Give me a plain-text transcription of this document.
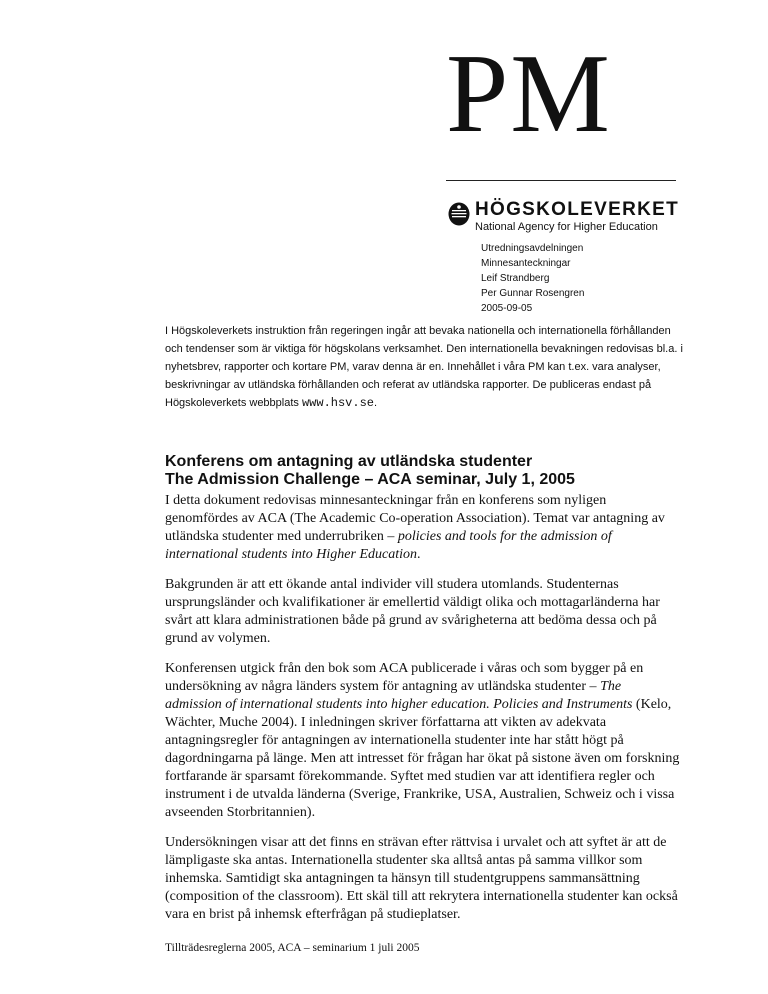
PM
HÖGSKOLEVERKET
National Agency for Higher Education
Utredningsavdelningen
Minnesanteckningar
Leif Strandberg
Per Gunnar Rosengren
2005-09-05
I Högskoleverkets instruktion från regeringen ingår att bevaka nationella och internationella förhållanden och tendenser som är viktiga för högskolans verksamhet. Den internationella bevakningen redovisas bl.a. i nyhetsbrev, rapporter och kortare PM, varav denna är en. Innehållet i våra PM kan t.ex. vara analyser, beskrivningar av utländska förhållanden och referat av utländska rapporter. De publiceras endast på Högskoleverkets webbplats www.hsv.se.
Konferens om antagning av utländska studenter
The Admission Challenge – ACA seminar, July 1, 2005

I detta dokument redovisas minnesanteckningar från en konferens som nyligen genomfördes av ACA (The Academic Co-operation Association). Temat var antagning av utländska studenter med underrubriken – policies and tools for the admission of international students into Higher Education.

Bakgrunden är att ett ökande antal individer vill studera utomlands. Studenternas ursprungsländer och kvalifikationer är emellertid väldigt olika och mottagarländerna har svårt att klara administrationen både på grund av svårigheterna att bedöma dessa och på grund av volymen.

Konferensen utgick från den bok som ACA publicerade i våras och som bygger på en undersökning av några länders system för antagning av utländska studenter – The admission of international students into higher education. Policies and Instruments (Kelo, Wächter, Muche 2004). I inledningen skriver författarna att vikten av adekvata antagningsregler för antagningen av internationella studenter inte har stått högt på dagordningarna på länge. Men att intresset för frågan har ökat på sistone även om forskning fortfarande är sparsamt förekommande. Syftet med studien var att identifiera regler och instrument i de utvalda länderna (Sverige, Frankrike, USA, Australien, Schweiz och i vissa avseenden Storbritannien).

Undersökningen visar att det finns en strävan efter rättvisa i urvalet och att syftet är att de lämpligaste ska antas. Internationella studenter ska alltså antas på samma villkor som inhemska. Samtidigt ska antagningen ta hänsyn till studentgruppens sammansättning (composition of the classroom). Ett skäl till att rekrytera internationella studenter kan också vara en brist på inhemsk efterfrågan på studieplatser.

Tillträdesreglerna 2005, ACA – seminarium 1 juli 2005
